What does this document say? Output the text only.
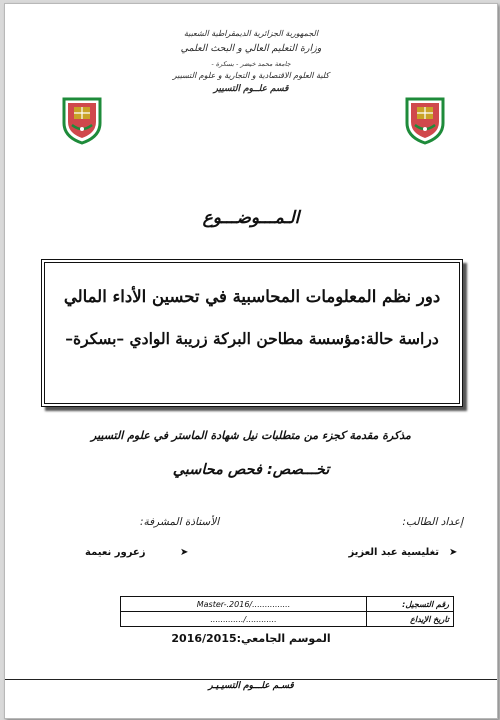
الجمهورية الجزائرية الديمقراطية الشعبية
وزارة التعليم العالي و البحث العلمي
جامعة محمد خيضر - بسكرة -
كلية العلوم الاقتصادية و التجارية و علوم التسيير
قسم علــوم التسيير
الـمـــوضـــوع
دور نظم المعلومات المحاسبية في تحسين الأداء المالي
دراسة حالة:مؤسسة مطاحن البركة زريبة الوادي –بسكرة–
مذكرة مقدمة كجزء من متطلبات نيل شهادة الماستر في علوم التسيير
تخـــصص: فحص محاسبي
إعداد الطالب:
الأستاذة المشرفة:
➤
تغليسية عبد العزيز
➤
زعرور نعيمة
رقم التسجيل:	Master-.2016/...............
تاريخ الإيداع	............./............
الموسم الجامعي:2016/2015
قسـم علـــوم التسيـيـر
